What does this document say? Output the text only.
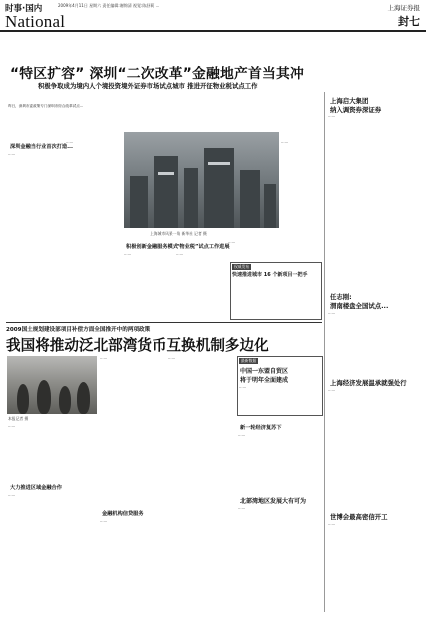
时事·国内
National
2009年4月11日 星期六 责任编辑:谢锦清 视觉:陈舒莉 ...	上海证券报
封七
“特区扩容” 深圳“二次改革”金融地产首当其冲
积极争取成为境内人个境投资境外证券市场试点城市 推进开征物业税试点工作
昨日，深圳市委政策专门深圳市综合改革试点...
深圳金融当行业首次打造...
……
……
上海城市风景一角 新华社 记者 摄
积极创新金融服务模式
……
“物业税”试点工作进展
……
……
……
权威发布
快速推进城市 16 个新项目一把手
上海启大集团
纳入调资券深证券
……
任志刚:
渭南楼盘全国试点...
……
上海经济发展温承就强处行
……
世博会最高密信开工
……
2009国土规划建设部项目补偿方面全国推开中的两项政策
我国将推动泛北部湾货币互换机制多边化
本报记者 摄
……
大力推进区域金融合作
……
……
金融机构信贷服务
……
……	最新数据
中国一东盟自贸区
将于明年全面建成
……
新一轮经济复苏下
……
北部湾地区发展大有可为
……
